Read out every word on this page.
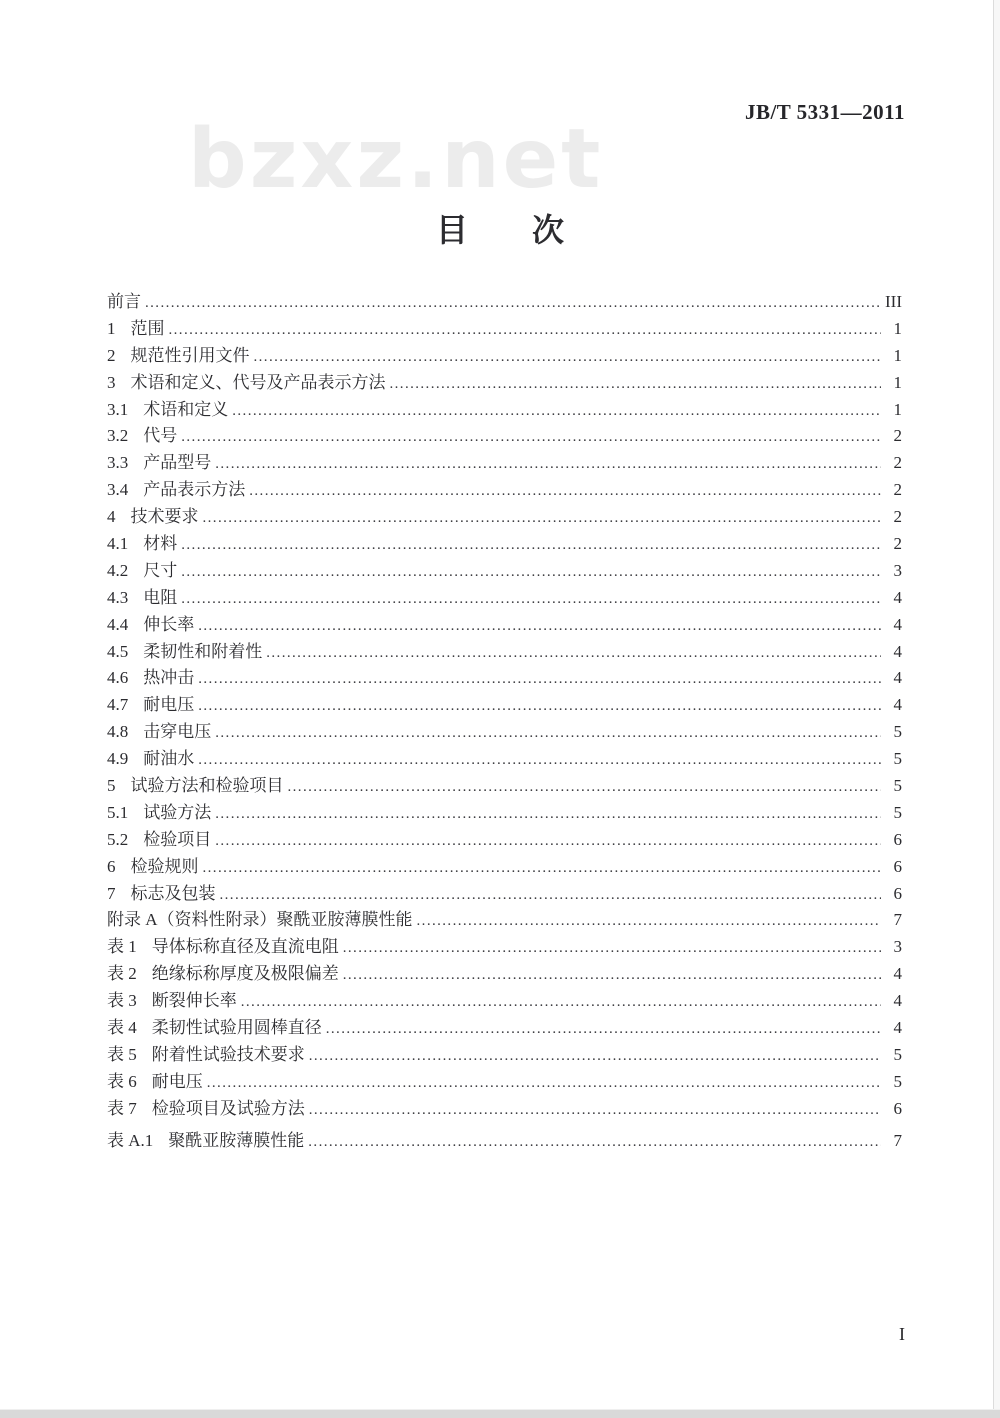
bzxz.net	JB/T 5331—2011
目　　次
前言 .....	III
1 范围 .....	1
2 规范性引用文件 .....	1
3 术语和定义、代号及产品表示方法 .....	1
3.1 术语和定义 .....	1
3.2 代号 .....	2
3.3 产品型号 .....	2
3.4 产品表示方法 .....	2
4 技术要求 .....	2
4.1 材料 .....	2
4.2 尺寸 .....	3
4.3 电阻 .....	4
4.4 伸长率 .....	4
4.5 柔韧性和附着性 .....	4
4.6 热冲击 .....	4
4.7 耐电压 .....	4
4.8 击穿电压 .....	5
4.9 耐油水 .....	5
5 试验方法和检验项目 .....	5
5.1 试验方法 .....	5
5.2 检验项目 .....	6
6 检验规则 .....	6
7 标志及包装 .....	6
附录 A（资料性附录）聚酰亚胺薄膜性能 .....	7
表 1 导体标称直径及直流电阻 .....	3
表 2 绝缘标称厚度及极限偏差 .....	4
表 3 断裂伸长率 .....	4
表 4 柔韧性试验用圆棒直径 .....	4
表 5 附着性试验技术要求 .....	5
表 6 耐电压 .....	5
表 7 检验项目及试验方法 .....	6
表 A.1 聚酰亚胺薄膜性能 .....	7
I
